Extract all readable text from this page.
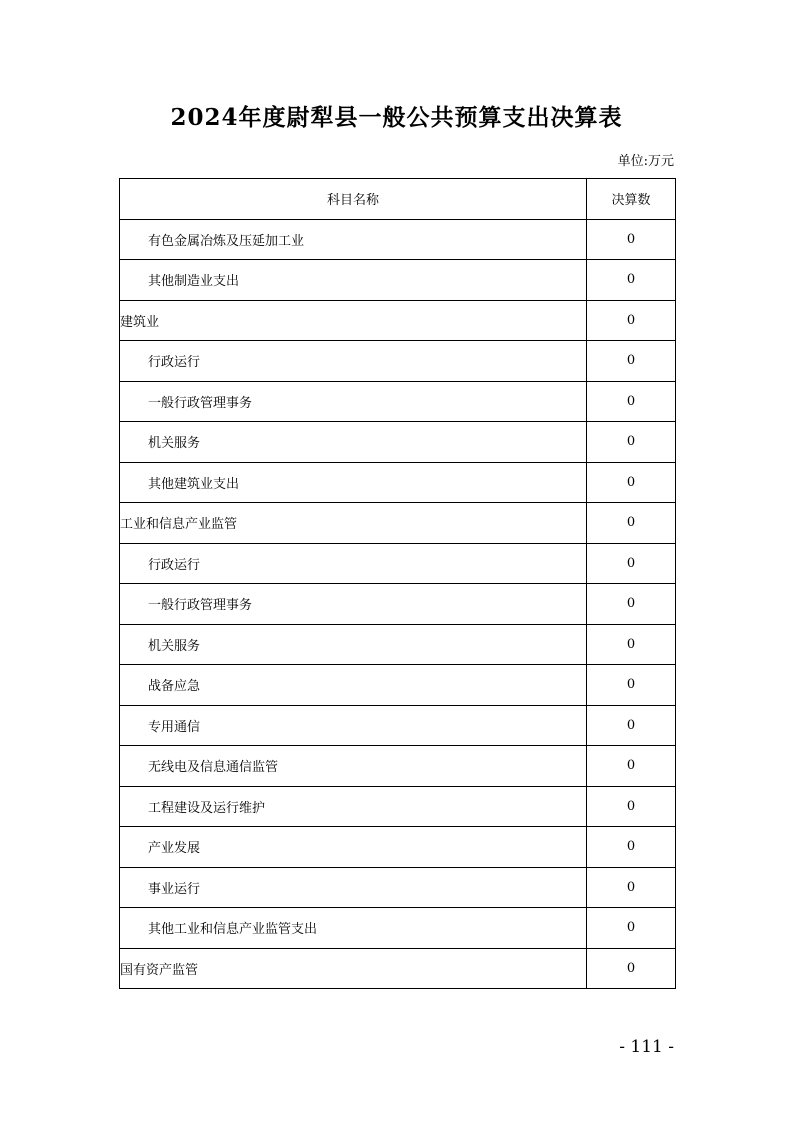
2024年度尉犁县一般公共预算支出决算表
单位:万元
科目名称	决算数
有色金属冶炼及压延加工业	0
其他制造业支出	0
建筑业	0
行政运行	0
一般行政管理事务	0
机关服务	0
其他建筑业支出	0
工业和信息产业监管	0
行政运行	0
一般行政管理事务	0
机关服务	0
战备应急	0
专用通信	0
无线电及信息通信监管	0
工程建设及运行维护	0
产业发展	0
事业运行	0
其他工业和信息产业监管支出	0
国有资产监管	0
- 111 -
